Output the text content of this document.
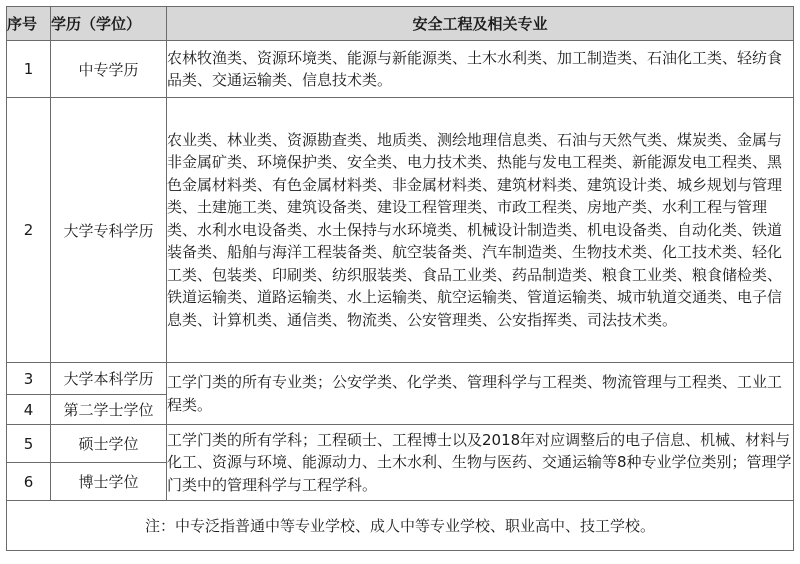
序号	学历（学位）	安全工程及相关专业
1	中专学历	农林牧渔类、资源环境类、能源与新能源类、土木水利类、加工制造类、石油化工类、轻纺食品类、交通运输类、信息技术类。
2	大学专科学历	农业类、林业类、资源勘查类、地质类、测绘地理信息类、石油与天然气类、煤炭类、金属与非金属矿类、环境保护类、安全类、电力技术类、热能与发电工程类、新能源发电工程类、黑色金属材料类、有色金属材料类、非金属材料类、建筑材料类、建筑设计类、城乡规划与管理类、土建施工类、建筑设备类、建设工程管理类、市政工程类、房地产类、水利工程与管理类、水利水电设备类、水土保持与水环境类、机械设计制造类、机电设备类、自动化类、铁道装备类、船舶与海洋工程装备类、航空装备类、汽车制造类、生物技术类、化工技术类、轻化工类、包装类、印刷类、纺织服装类、食品工业类、药品制造类、粮食工业类、粮食储检类、铁道运输类、道路运输类、水上运输类、航空运输类、管道运输类、城市轨道交通类、电子信息类、计算机类、通信类、物流类、公安管理类、公安指挥类、司法技术类。
3	大学本科学历	工学门类的所有专业类；公安学类、化学类、管理科学与工程类、物流管理与工程类、工业工程类。
4	第二学士学位	
5	硕士学位	工学门类的所有学科；工程硕士、工程博士以及2018年对应调整后的电子信息、机械、材料与化工、资源与环境、能源动力、土木水利、生物与医药、交通运输等8种专业学位类别；管理学门类中的管理科学与工程学科。
6	博士学位	
注：中专泛指普通中等专业学校、成人中等专业学校、职业高中、技工学校。		
